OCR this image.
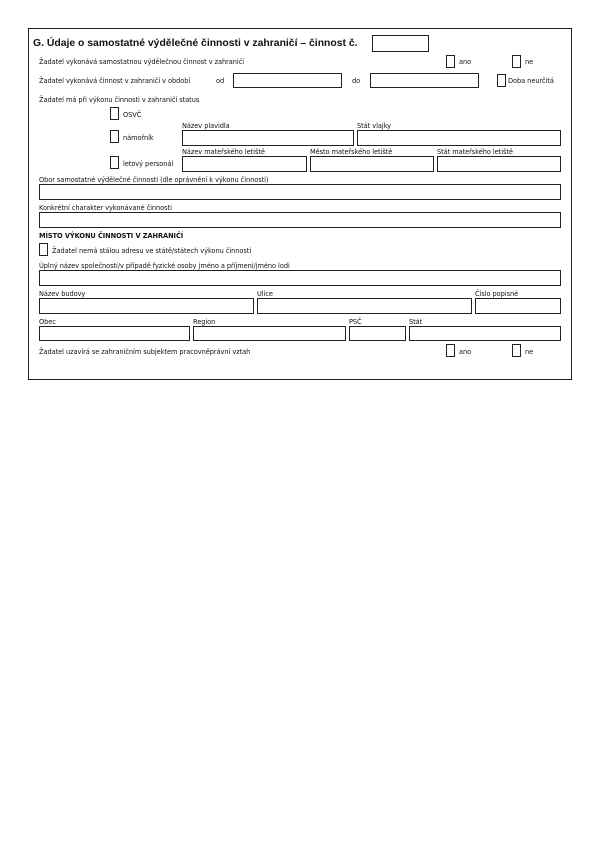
G. Údaje o samostatné výdělečné činnosti v zahraničí – činnost č.
Žadatel vykonává samostatnou výdělečnou činnost v zahraničí	ano	ne
Žadatel vykonává činnost v zahraničí v období	od	do	Doba neurčitá
Žadatel má při výkonu činnosti v zahraničí status
OSVČ
Název plavidla	Stát vlajky
námořník
Název mateřského letiště	Město mateřského letiště	Stát mateřského letiště
letový personál
Obor samostatné výdělečné činnosti (dle oprávnění k výkonu činnosti)
Konkrétní charakter vykonávané činnosti
MÍSTO VÝKONU ČINNOSTI V ZAHRANIČÍ
Žadatel nemá stálou adresu ve státě/státech výkonu činnosti
Úplný název společnosti/v případě fyzické osoby jméno a příjmení/jméno lodi
Název budovy	Ulice	Číslo popisné
Obec	Region	PSČ	Stát
Žadatel uzavírá se zahraničním subjektem pracovněprávní vztah	ano	ne
